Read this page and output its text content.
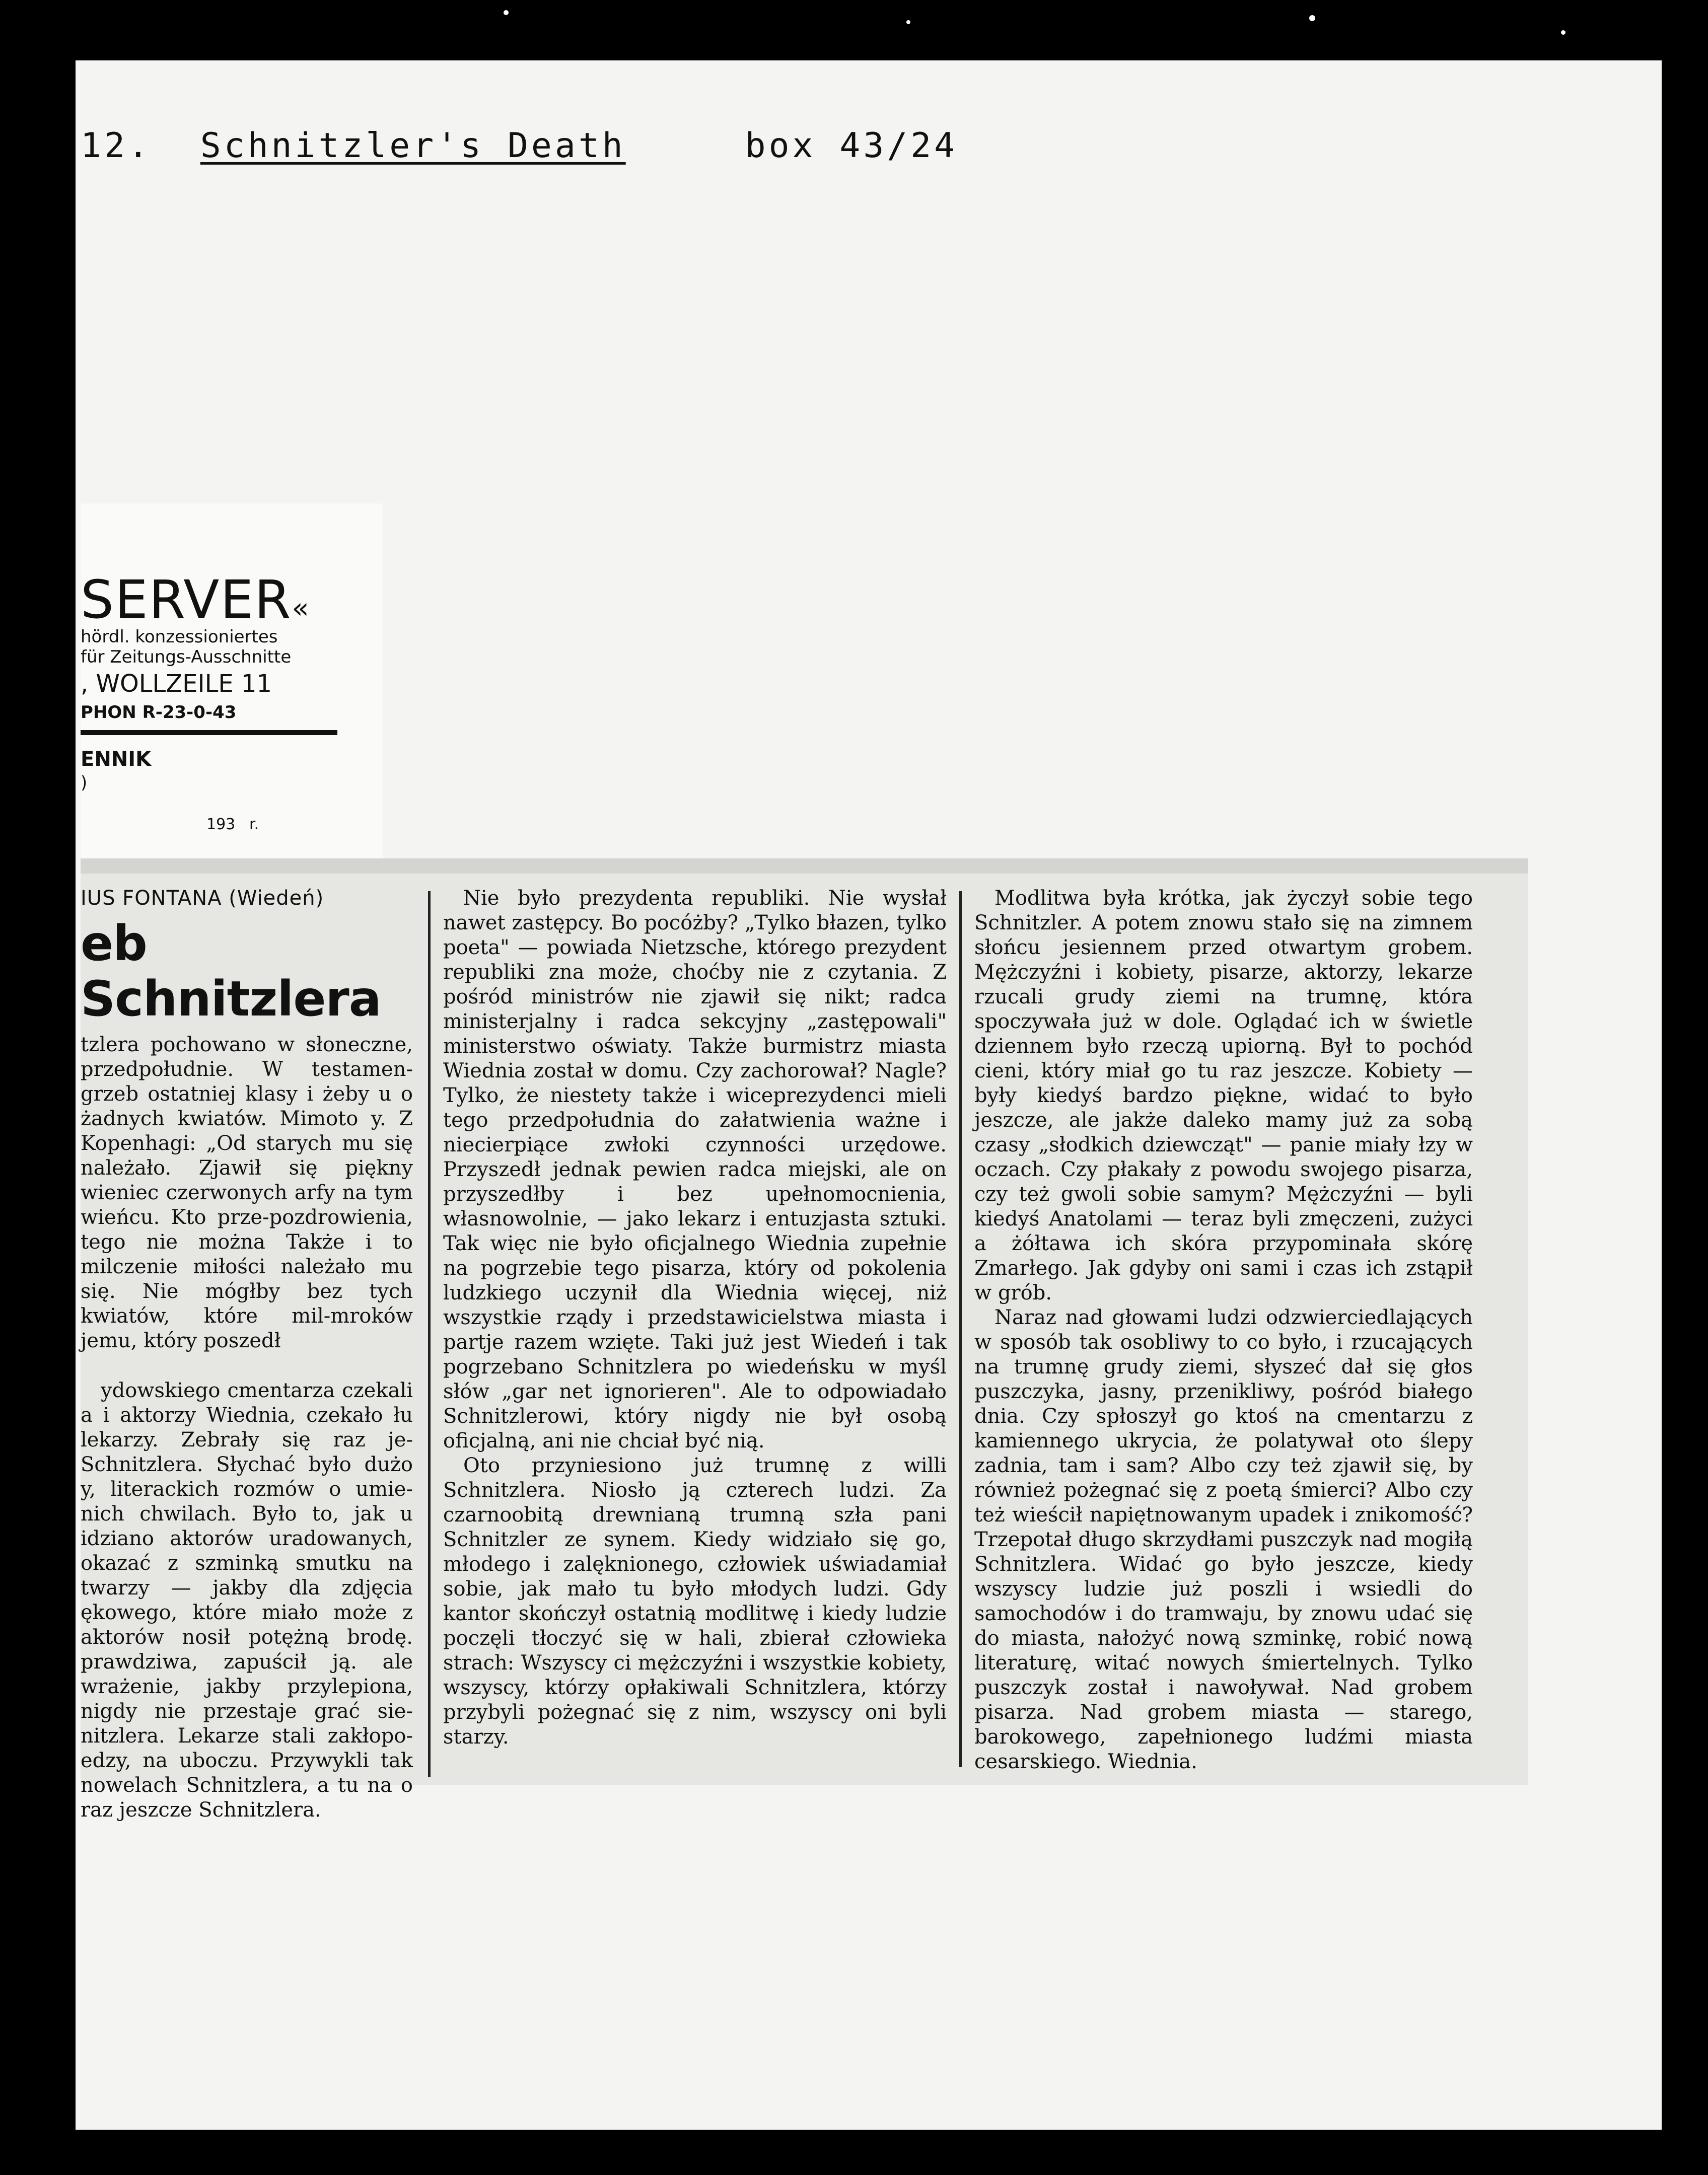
12. Schnitzler's Death	box 43/24
SERVER«
hördl. konzessioniertes
für Zeitungs-Ausschnitte
, WOLLZEILE 11
PHON R-23-0-43
ENNIK
)
193 r.
IUS FONTANA (Wiedeń)
eb Schnitzlera

tzlera pochowano w słoneczne, przedpołudnie. W testamen-grzeb ostatniej klasy i żeby u o żadnych kwiatów. Mimoto y. Z Kopenhagi: „Od starych mu się należało. Zjawił się piękny wieniec czerwonych arfy na tym wieńcu. Kto prze-pozdrowienia, tego nie można Także i to milczenie miłości należało mu się. Nie mógłby bez tych kwiatów, które mil-mroków jemu, który poszedł

ydowskiego cmentarza czekali a i aktorzy Wiednia, czekało łu lekarzy. Zebrały się raz je-Schnitzlera. Słychać było dużo y, literackich rozmów o umie-nich chwilach. Było to, jak u idziano aktorów uradowanych, okazać z szminką smutku na twarzy — jakby dla zdjęcia ękowego, które miało może z aktorów nosił potężną brodę. prawdziwa, zapuścił ją. ale wrażenie, jakby przylepiona, nigdy nie przestaje grać sie-nitzlera. Lekarze stali zakłopo-edzy, na uboczu. Przywykli tak nowelach Schnitzlera, a tu na o raz jeszcze Schnitzlera.

Nie było prezydenta republiki. Nie wysłał nawet zastępcy. Bo pocóżby? „Tylko błazen, tylko poeta" — powiada Nietzsche, którego prezydent republiki zna może, choćby nie z czytania. Z pośród ministrów nie zjawił się nikt; radca ministerjalny i radca sekcyjny „zastępowali" ministerstwo oświaty. Także burmistrz miasta Wiednia został w domu. Czy zachorował? Nagle? Tylko, że niestety także i wiceprezydenci mieli tego przedpołudnia do załatwienia ważne i niecierpiące zwłoki czynności urzędowe. Przyszedł jednak pewien radca miejski, ale on przyszedłby i bez upełnomocnienia, własnowolnie, — jako lekarz i entuzjasta sztuki. Tak więc nie było oficjalnego Wiednia zupełnie na pogrzebie tego pisarza, który od pokolenia ludzkiego uczynił dla Wiednia więcej, niż wszystkie rządy i przedstawicielstwa miasta i partje razem wzięte. Taki już jest Wiedeń i tak pogrzebano Schnitzlera po wiedeńsku w myśl słów „gar net ignorieren". Ale to odpowiadało Schnitzlerowi, który nigdy nie był osobą oficjalną, ani nie chciał być nią.

Oto przyniesiono już trumnę z willi Schnitzlera. Niosło ją czterech ludzi. Za czarnoobitą drewnianą trumną szła pani Schnitzler ze synem. Kiedy widziało się go, młodego i zalęknionego, człowiek uświadamiał sobie, jak mało tu było młodych ludzi. Gdy kantor skończył ostatnią modlitwę i kiedy ludzie poczęli tłoczyć się w hali, zbierał człowieka strach: Wszyscy ci mężczyźni i wszystkie kobiety, wszyscy, którzy opłakiwali Schnitzlera, którzy przybyli pożegnać się z nim, wszyscy oni byli starzy.

Modlitwa była krótka, jak życzył sobie tego Schnitzler. A potem znowu stało się na zimnem słońcu jesiennem przed otwartym grobem. Mężczyźni i kobiety, pisarze, aktorzy, lekarze rzucali grudy ziemi na trumnę, która spoczywała już w dole. Oglądać ich w świetle dziennem było rzeczą upiorną. Był to pochód cieni, który miał go tu raz jeszcze. Kobiety — były kiedyś bardzo piękne, widać to było jeszcze, ale jakże daleko mamy już za sobą czasy „słodkich dziewcząt" — panie miały łzy w oczach. Czy płakały z powodu swojego pisarza, czy też gwoli sobie samym? Mężczyźni — byli kiedyś Anatolami — teraz byli zmęczeni, zużyci a żółtawa ich skóra przypominała skórę Zmarłego. Jak gdyby oni sami i czas ich zstąpił w grób.

Naraz nad głowami ludzi odzwierciedlających w sposób tak osobliwy to co było, i rzucających na trumnę grudy ziemi, słyszeć dał się głos puszczyka, jasny, przenikliwy, pośród białego dnia. Czy spłoszył go ktoś na cmentarzu z kamiennego ukrycia, że polatywał oto ślepy zadnia, tam i sam? Albo czy też zjawił się, by również pożegnać się z poetą śmierci? Albo czy też wieścił napiętnowanym upadek i znikomość? Trzepotał długo skrzydłami puszczyk nad mogiłą Schnitzlera. Widać go było jeszcze, kiedy wszyscy ludzie już poszli i wsiedli do samochodów i do tramwaju, by znowu udać się do miasta, nałożyć nową szminkę, robić nową literaturę, witać nowych śmiertelnych. Tylko puszczyk został i nawoływał. Nad grobem pisarza. Nad grobem miasta — starego, barokowego, zapełnionego ludźmi miasta cesarskiego. Wiednia.
